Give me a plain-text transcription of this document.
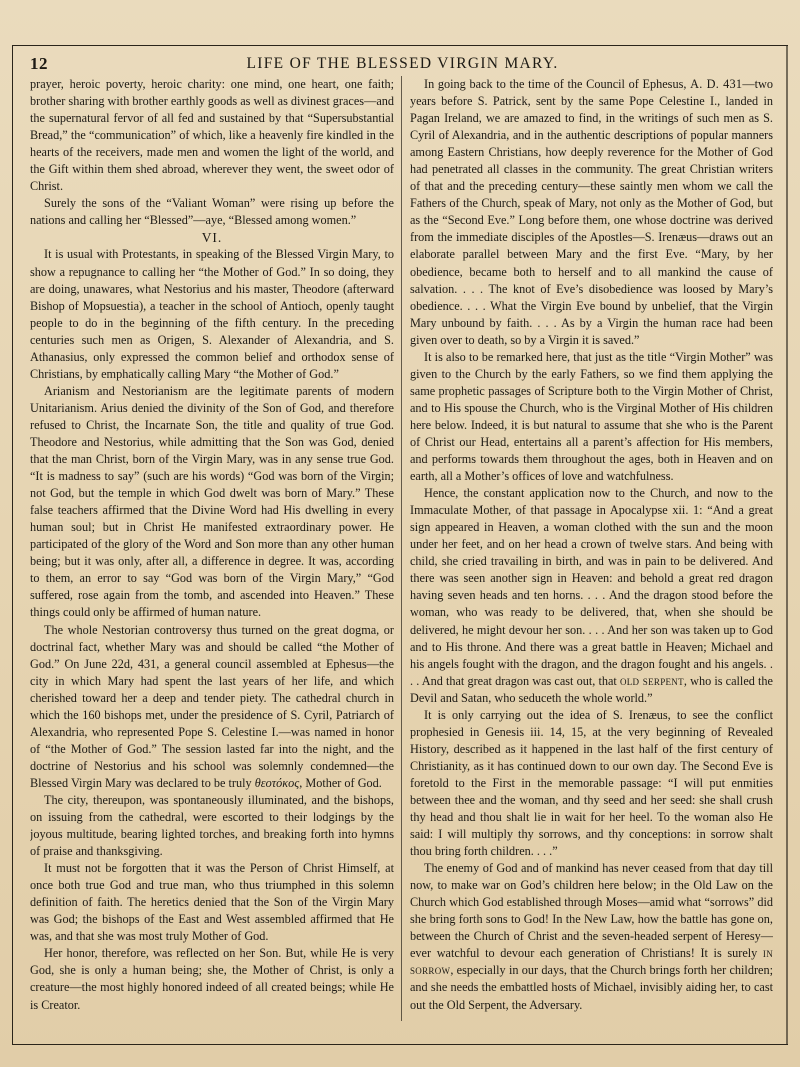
12	LIFE OF THE BLESSED VIRGIN MARY.

prayer, heroic poverty, heroic charity: one mind, one heart, one faith; brother sharing with brother earthly goods as well as divinest graces—and the supernatural fervor of all fed and sustained by that “Supersubstantial Bread,” the “communication” of which, like a heavenly fire kindled in the hearts of the receivers, made men and women the light of the world, and the Gift within them shed abroad, wherever they went, the sweet odor of Christ.

Surely the sons of the “Valiant Woman” were rising up before the nations and calling her “Blessed”—aye, “Blessed among women.”

VI.

It is usual with Protestants, in speaking of the Blessed Virgin Mary, to show a repugnance to calling her “the Mother of God.” In so doing, they are doing, unawares, what Nestorius and his master, Theodore (afterward Bishop of Mopsuestia), a teacher in the school of Antioch, openly taught people to do in the beginning of the fifth century. In the preceding centuries such men as Origen, S. Alexander of Alexandria, and S. Athanasius, only expressed the common belief and orthodox sense of Christians, by emphatically calling Mary “the Mother of God.”

Arianism and Nestorianism are the legitimate parents of modern Unitarianism. Arius denied the divinity of the Son of God, and therefore refused to Christ, the Incarnate Son, the title and quality of true God. Theodore and Nestorius, while admitting that the Son was God, denied that the man Christ, born of the Virgin Mary, was in any sense true God. “It is madness to say” (such are his words) “God was born of the Virgin; not God, but the temple in which God dwelt was born of Mary.” These false teachers affirmed that the Divine Word had His dwelling in every human soul; but in Christ He manifested extraordinary power. He participated of the glory of the Word and Son more than any other human being; but it was only, after all, a difference in degree. It was, according to them, an error to say “God was born of the Virgin Mary,” “God suffered, rose again from the tomb, and ascended into Heaven.” These things could only be affirmed of human nature.

The whole Nestorian controversy thus turned on the great dogma, or doctrinal fact, whether Mary was and should be called “the Mother of God.” On June 22d, 431, a general council assembled at Ephesus—the city in which Mary had spent the last years of her life, and which cherished toward her a deep and tender piety. The cathedral church in which the 160 bishops met, under the presidence of S. Cyril, Patriarch of Alexandria, who represented Pope S. Celestine I.—was named in honor of “the Mother of God.” The session lasted far into the night, and the doctrine of Nestorius and his school was solemnly condemned—the Blessed Virgin Mary was declared to be truly θεοτόκος, Mother of God.

The city, thereupon, was spontaneously illuminated, and the bishops, on issuing from the cathedral, were escorted to their lodgings by the joyous multitude, bearing lighted torches, and breaking forth into hymns of praise and thanksgiving.

It must not be forgotten that it was the Person of Christ Himself, at once both true God and true man, who thus triumphed in this solemn definition of faith. The heretics denied that the Son of the Virgin Mary was God; the bishops of the East and West assembled affirmed that He was, and that she was most truly Mother of God.

Her honor, therefore, was reflected on her Son. But, while He is very God, she is only a human being; she, the Mother of Christ, is only a creature—the most highly honored indeed of all created beings; while He is Creator.

In going back to the time of the Council of Ephesus, A. D. 431—two years before S. Patrick, sent by the same Pope Celestine I., landed in Pagan Ireland, we are amazed to find, in the writings of such men as S. Cyril of Alexandria, and in the authentic descriptions of popular manners among Eastern Christians, how deeply reverence for the Mother of God had penetrated all classes in the community. The great Christian writers of that and the preceding century—these saintly men whom we call the Fathers of the Church, speak of Mary, not only as the Mother of God, but as the “Second Eve.” Long before them, one whose doctrine was derived from the immediate disciples of the Apostles—S. Irenæus—draws out an elaborate parallel between Mary and the first Eve. “Mary, by her obedience, became both to herself and to all mankind the cause of salvation. . . . The knot of Eve’s disobedience was loosed by Mary’s obedience. . . . What the Virgin Eve bound by unbelief, that the Virgin Mary unbound by faith. . . . As by a Virgin the human race had been given over to death, so by a Virgin it is saved.”

It is also to be remarked here, that just as the title “Virgin Mother” was given to the Church by the early Fathers, so we find them applying the same prophetic passages of Scripture both to the Virgin Mother of Christ, and to His spouse the Church, who is the Virginal Mother of His children here below. Indeed, it is but natural to assume that she who is the Parent of Christ our Head, entertains all a parent’s affection for His members, and performs towards them throughout the ages, both in Heaven and on earth, all a Mother’s offices of love and watchfulness.

Hence, the constant application now to the Church, and now to the Immaculate Mother, of that passage in Apocalypse xii. 1: “And a great sign appeared in Heaven, a woman clothed with the sun and the moon under her feet, and on her head a crown of twelve stars. And being with child, she cried travailing in birth, and was in pain to be delivered. And there was seen another sign in Heaven: and behold a great red dragon having seven heads and ten horns. . . . And the dragon stood before the woman, who was ready to be delivered, that, when she should be delivered, he might devour her son. . . . And her son was taken up to God and to His throne. And there was a great battle in Heaven; Michael and his angels fought with the dragon, and the dragon fought and his angels. . . . And that great dragon was cast out, that old serpent, who is called the Devil and Satan, who seduceth the whole world.”

It is only carrying out the idea of S. Irenæus, to see the conflict prophesied in Genesis iii. 14, 15, at the very beginning of Revealed History, described as it happened in the last half of the first century of Christianity, as it has continued down to our own day. The Second Eve is foretold to the First in the memorable passage: “I will put enmities between thee and the woman, and thy seed and her seed: she shall crush thy head and thou shalt lie in wait for her heel. To the woman also He said: I will multiply thy sorrows, and thy conceptions: in sorrow shalt thou bring forth children. . . .”

The enemy of God and of mankind has never ceased from that day till now, to make war on God’s children here below; in the Old Law on the Church which God established through Moses—amid what “sorrows” did she bring forth sons to God! In the New Law, how the battle has gone on, between the Church of Christ and the seven-headed serpent of Heresy—ever watchful to devour each generation of Christians! It is surely in sorrow, especially in our days, that the Church brings forth her children; and she needs the embattled hosts of Michael, invisibly aiding her, to cast out the Old Serpent, the Adversary.
